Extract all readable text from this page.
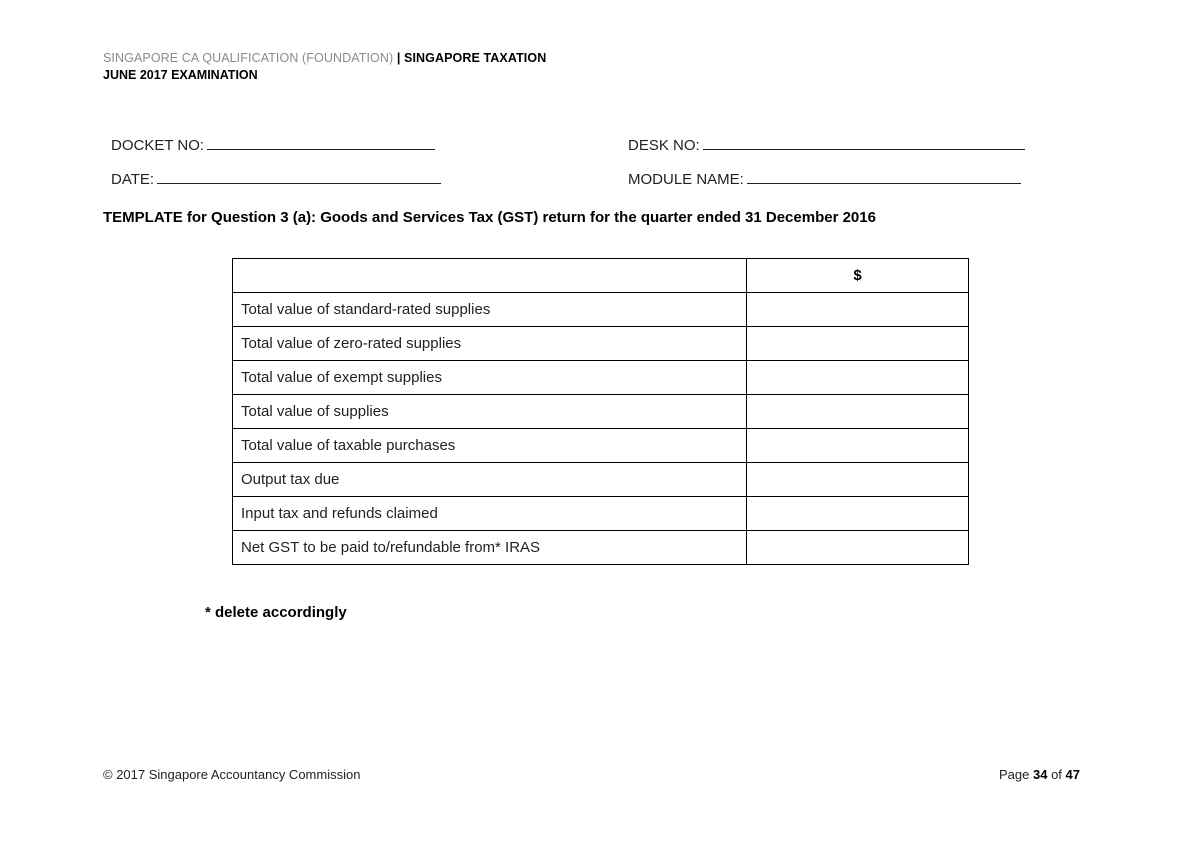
SINGAPORE CA QUALIFICATION (FOUNDATION) | SINGAPORE TAXATION
JUNE 2017 EXAMINATION
DOCKET NO:	DESK NO:
DATE:	MODULE NAME:
TEMPLATE for Question 3 (a): Goods and Services Tax (GST) return for the quarter ended 31 December 2016
	$
Total value of standard-rated supplies	
Total value of zero-rated supplies	
Total value of exempt supplies	
Total value of supplies	
Total value of taxable purchases	
Output tax due	
Input tax and refunds claimed	
Net GST to be paid to/refundable from* IRAS	
* delete accordingly
© 2017 Singapore Accountancy Commission	Page 34 of 47
